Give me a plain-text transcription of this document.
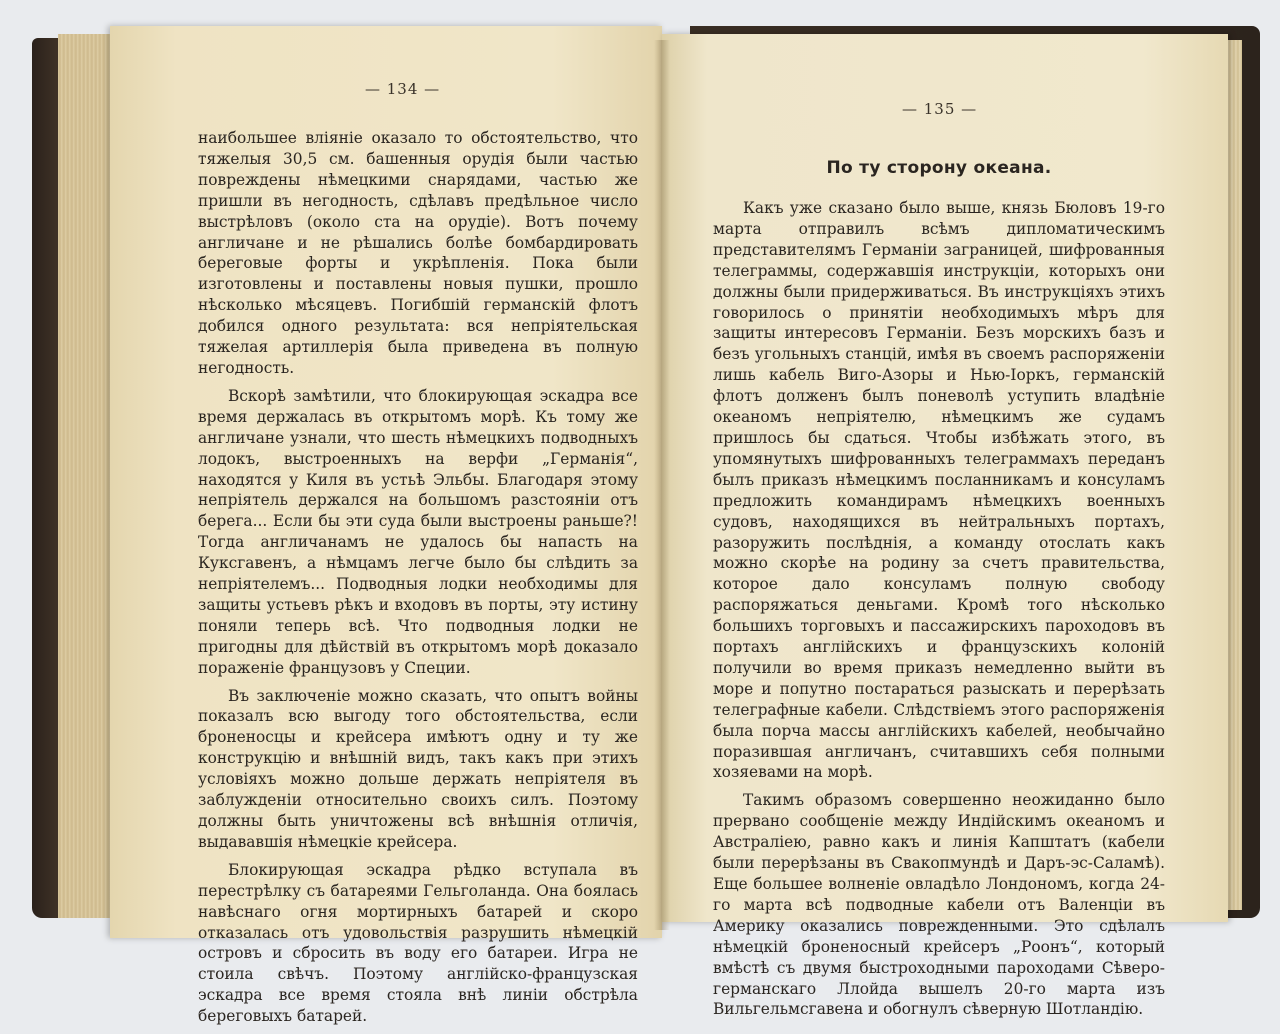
— 134 —
— 135 —

наибольшее вліяніе оказало то обстоятельство, что тяжелыя 30,5 см. башенныя орудія были частью повреждены нѣмецкими снарядами, частью же пришли въ негодность, сдѣлавъ предѣльное число выстрѣловъ (около ста на орудіе). Вотъ почему англичане и не рѣшались болѣе бомбардировать береговые форты и укрѣпленія. Пока были изготовлены и поставлены новыя пушки, прошло нѣсколько мѣсяцевъ. Погибшій германскій флотъ добился одного результата: вся непріятельская тяжелая артиллерія была приведена въ полную негодность.

Вскорѣ замѣтили, что блокирующая эскадра все время держалась въ открытомъ морѣ. Къ тому же англичане узнали, что шесть нѣмецкихъ подводныхъ лодокъ, выстроенныхъ на верфи „Германія“, находятся у Киля въ устьѣ Эльбы. Благодаря этому непріятель держался на большомъ разстояніи отъ берега... Если бы эти суда были выстроены раньше?! Тогда англичанамъ не удалось бы напасть на Куксгавенъ, а нѣмцамъ легче было бы слѣдить за непріятелемъ... Подводныя лодки необходимы для защиты устьевъ рѣкъ и входовъ въ порты, эту истину поняли теперь всѣ. Что подводныя лодки не пригодны для дѣйствій въ открытомъ морѣ доказало пораженіе французовъ у Специи.

Въ заключеніе можно сказать, что опытъ войны показалъ всю выгоду того обстоятельства, если броненосцы и крейсера имѣютъ одну и ту же конструкцію и внѣшній видъ, такъ какъ при этихъ условіяхъ можно дольше держать непріятеля въ заблужденіи относительно своихъ силъ. Поэтому должны быть уничтожены всѣ внѣшнія отличія, выдававшія нѣмецкіе крейсера.

Блокирующая эскадра рѣдко вступала въ перестрѣлку съ батареями Гельголанда. Она боялась навѣснаго огня мортирныхъ батарей и скоро отказалась отъ удовольствія разрушить нѣмецкій островъ и сбросить въ воду его батареи. Игра не стоила свѣчъ. Поэтому англійско-французская эскадра все время стояла внѣ линіи обстрѣла береговыхъ батарей.

По ту сторону океана.

Какъ уже сказано было выше, князь Бюловъ 19-го марта отправилъ всѣмъ дипломатическимъ представителямъ Германіи заграницей, шифрованныя телеграммы, содержавшія инструкціи, которыхъ они должны были придерживаться. Въ инструкціяхъ этихъ говорилось о принятіи необходимыхъ мѣръ для защиты интересовъ Германіи. Безъ морскихъ базъ и безъ угольныхъ станцій, имѣя въ своемъ распоряженіи лишь кабель Виго-Азоры и Нью-Іоркъ, германскій флотъ долженъ былъ поневолѣ уступить владѣніе океаномъ непріятелю, нѣмецкимъ же судамъ пришлось бы сдаться. Чтобы избѣжать этого, въ упомянутыхъ шифрованныхъ телеграммахъ переданъ былъ приказъ нѣмецкимъ посланникамъ и консуламъ предложить командирамъ нѣмецкихъ военныхъ судовъ, находящихся въ нейтральныхъ портахъ, разоружить послѣднія, а команду отослать какъ можно скорѣе на родину за счетъ правительства, которое дало консуламъ полную свободу распоряжаться деньгами. Кромѣ того нѣсколько большихъ торговыхъ и пассажирскихъ пароходовъ въ портахъ англійскихъ и французскихъ колоній получили во время приказъ немедленно выйти въ море и попутно постараться разыскать и перерѣзать телеграфные кабели. Слѣдствіемъ этого распоряженія была порча массы англійскихъ кабелей, необычайно поразившая англичанъ, считавшихъ себя полными хозяевами на морѣ.

Такимъ образомъ совершенно неожиданно было прервано сообщеніе между Индійскимъ океаномъ и Австраліею, равно какъ и линія Капштатъ (кабели были перерѣзаны въ Свакопмундѣ и Даръ-эс-Саламѣ). Еще большее волненіе овладѣло Лондономъ, когда 24-го марта всѣ подводные кабели отъ Валенціи въ Америку оказались поврежденными. Это сдѣлалъ нѣмецкій броненосный крейсеръ „Роонъ“, который вмѣстѣ съ двумя быстроходными пароходами Сѣверо-германскаго Ллойда вышелъ 20-го марта изъ Вильгельмсгавена и обогнулъ сѣверную Шотландію.
